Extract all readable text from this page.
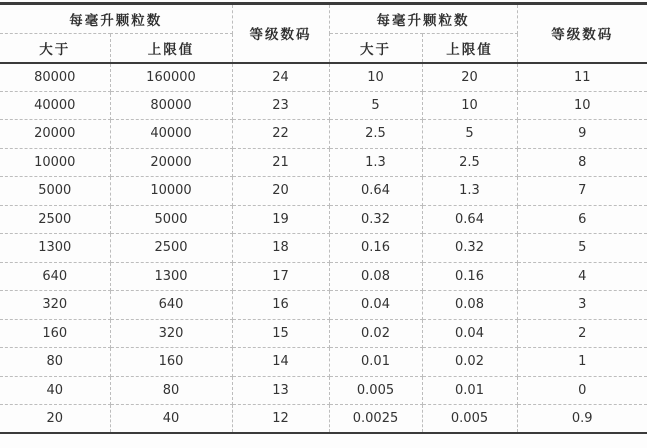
每毫升颗粒数		等级数码	每毫升颗粒数		等级数码
大于	上限值		大于	上限值	
80000	160000	24	10	20	11
40000	80000	23	5	10	10
20000	40000	22	2.5	5	9
10000	20000	21	1.3	2.5	8
5000	10000	20	0.64	1.3	7
2500	5000	19	0.32	0.64	6
1300	2500	18	0.16	0.32	5
640	1300	17	0.08	0.16	4
320	640	16	0.04	0.08	3
160	320	15	0.02	0.04	2
80	160	14	0.01	0.02	1
40	80	13	0.005	0.01	0
20	40	12	0.0025	0.005	0.9
